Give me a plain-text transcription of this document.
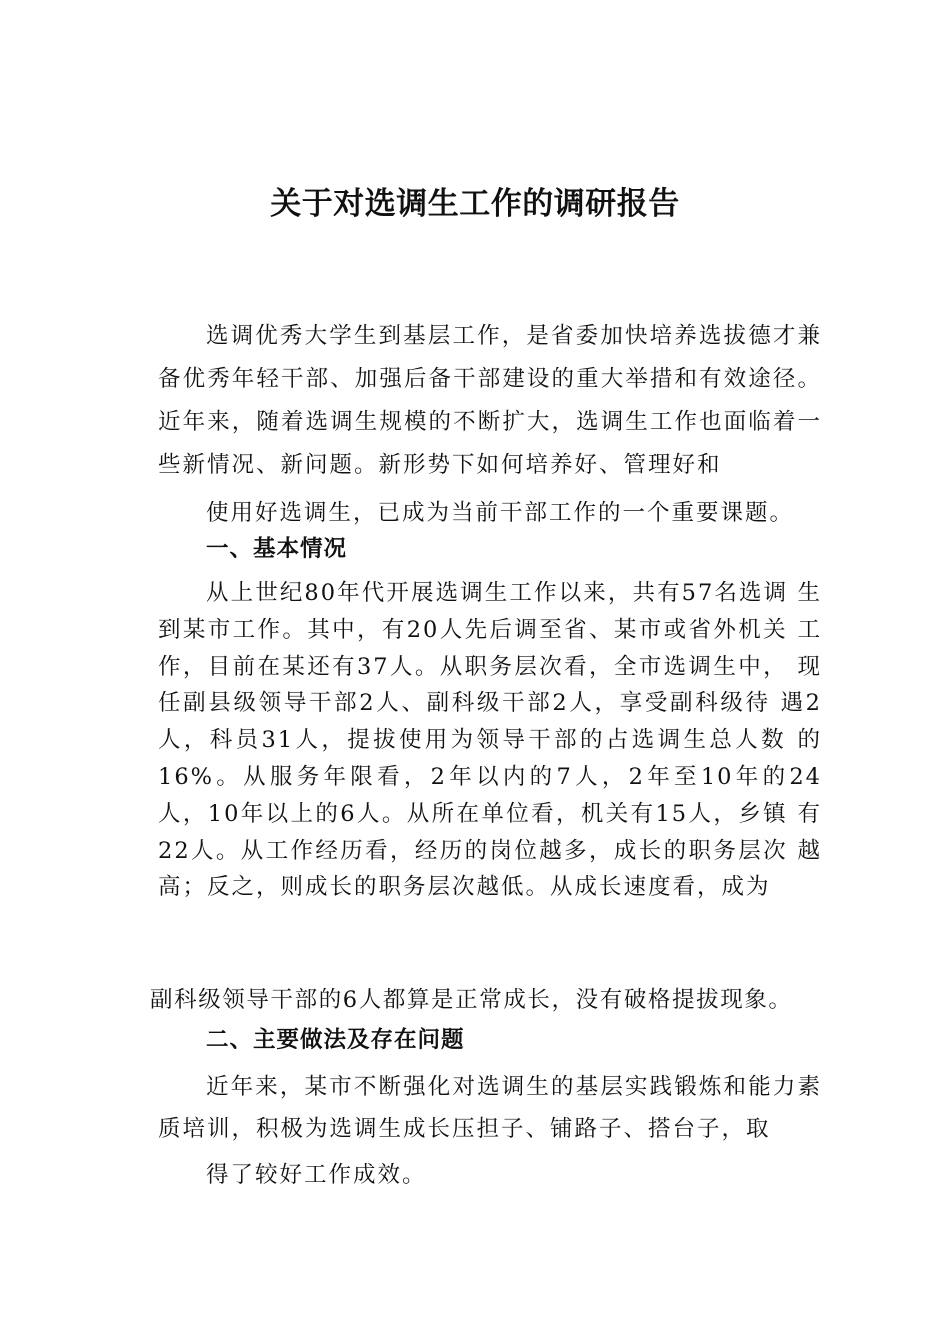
关于对选调生工作的调研报告

选调优秀大学生到基层工作，是省委加快培养选拔德才兼备优秀年轻干部、加强后备干部建设的重大举措和有效途径。近年来，随着选调生规模的不断扩大，选调生工作也面临着一些新情况、新问题。新形势下如何培养好、管理好和
使用好选调生，已成为当前干部工作的一个重要课题。

一、基本情况

从上世纪80年代开展选调生工作以来，共有57名选调 生到某市工作。其中，有20人先后调至省、某市或省外机关 工作，目前在某还有37人。从职务层次看，全市选调生中， 现任副县级领导干部2人、副科级干部2人，享受副科级待 遇2人，科员31人，提拔使用为领导干部的占选调生总人数 的16%。从服务年限看，2年以内的7人，2年至10年的24 人，10年以上的6人。从所在单位看，机关有15人，乡镇 有22人。从工作经历看，经历的岗位越多，成长的职务层次 越高；反之，则成长的职务层次越低。从成长速度看，成为

副科级领导干部的6人都算是正常成长，没有破格提拔现象。

二、主要做法及存在问题

近年来，某市不断强化对选调生的基层实践锻炼和能力素质培训，积极为选调生成长压担子、铺路子、搭台子，取
得了较好工作成效。
